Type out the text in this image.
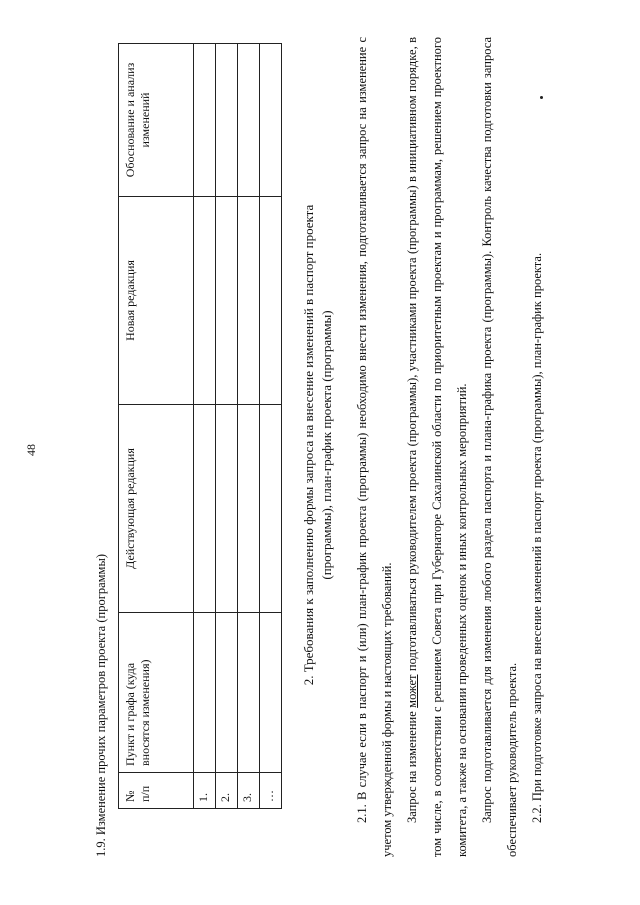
48
1.9. Изменение прочих параметров проекта (программы) № п/п	Пункт и графа (куда вносятся изменения)	Действующая редакция	Новая редакция	Обоснование и анализ изменений
1.				
2.				
3.				
…				
2. Требования к заполнению формы запроса на внесение изменений в паспорт проекта (программы), план-график проекта (программы)	2.1. В случае если в паспорт и (или) план-график проекта (программы) необходимо внести изменения, подготавливается запрос на изменение с учетом утвержденной формы и настоящих требований. Запрос на изменение может подготавливаться руководителем проекта (программы), участниками проекта (программы) в инициативном порядке, в том числе, в соответствии с решением Совета при Губернаторе Сахалинской области по приоритетным проектам и программам, решением проектного комитета, а также на основании проведенных оценок и иных контрольных мероприятий. Запрос подготавливается для изменения любого раздела паспорта и плана-графика проекта (программы). Контроль качества подготовки запроса обеспечивает руководитель проекта. 2.2. При подготовке запроса на внесение изменений в паспорт проекта (программы), план-график проекта.
